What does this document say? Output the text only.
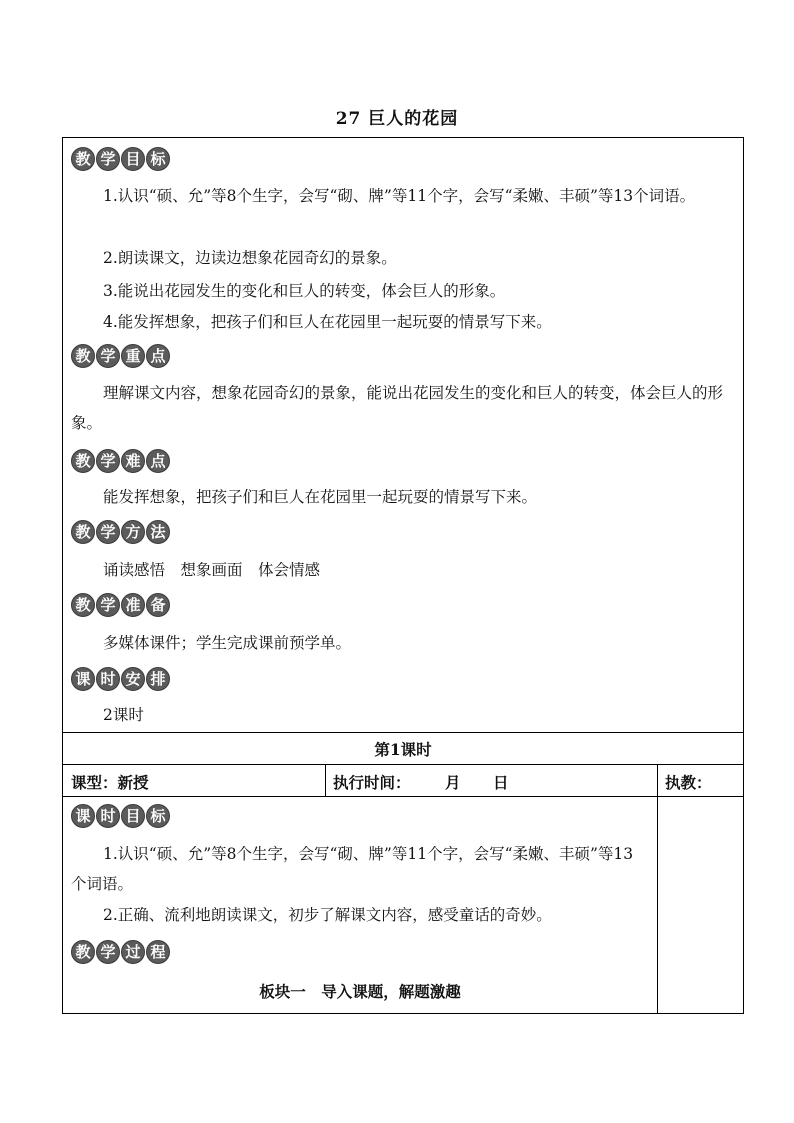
27 巨人的花园
教 学 目 标
1.认识“硕、允”等8个生字，会写“砌、牌”等11个字，会写“柔嫩、丰硕”等13个词语。
2.朗读课文，边读边想象花园奇幻的景象。
3.能说出花园发生的变化和巨人的转变，体会巨人的形象。
4.能发挥想象，把孩子们和巨人在花园里一起玩耍的情景写下来。
教 学 重 点
理解课文内容，想象花园奇幻的景象，能说出花园发生的变化和巨人的转变，体会巨人的形象。
教 学 难 点
能发挥想象，把孩子们和巨人在花园里一起玩耍的情景写下来。
教 学 方 法
诵读感悟　想象画面　体会情感
教 学 准 备
多媒体课件；学生完成课前预学单。
课 时 安 排
2课时
第1课时
课型：新授	执行时间： 月 日	执教：
课 时 目 标
1.认识“硕、允”等8个生字，会写“砌、牌”等11个字，会写“柔嫩、丰硕”等13个词语。
2.正确、流利地朗读课文，初步了解课文内容，感受童话的奇妙。
教 学 过 程
板块一　导入课题，解题激趣
